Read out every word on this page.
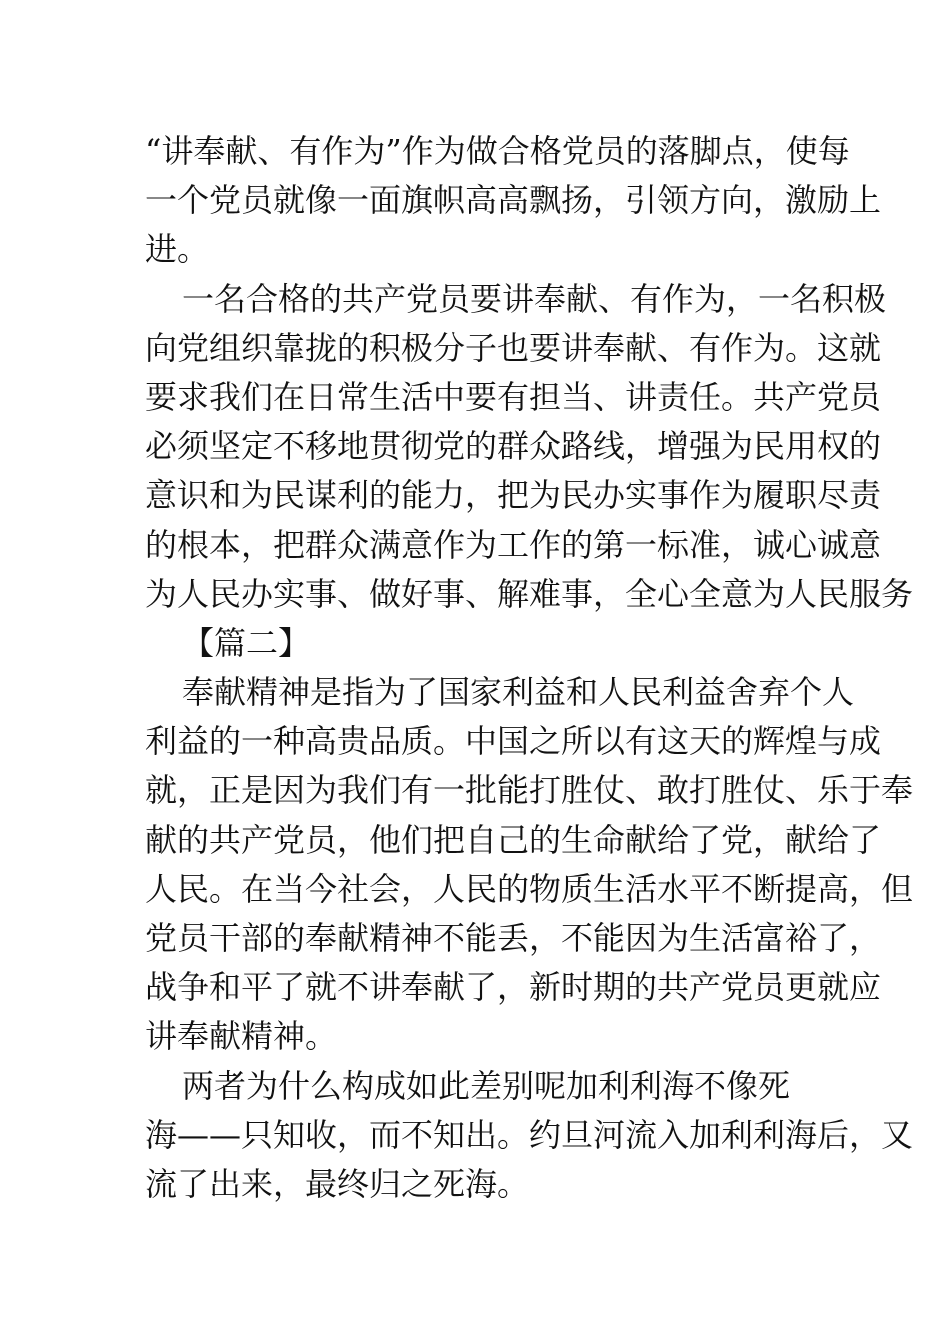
“讲奉献、有作为”作为做合格党员的落脚点，使每
一个党员就像一面旗帜高高飘扬，引领方向，激励上
进。
一名合格的共产党员要讲奉献、有作为，一名积极
向党组织靠拢的积极分子也要讲奉献、有作为。这就
要求我们在日常生活中要有担当、讲责任。共产党员
必须坚定不移地贯彻党的群众路线，增强为民用权的
意识和为民谋利的能力，把为民办实事作为履职尽责
的根本，把群众满意作为工作的第一标准，诚心诚意
为人民办实事、做好事、解难事，全心全意为人民服务
【篇二】
奉献精神是指为了国家利益和人民利益舍弃个人
利益的一种高贵品质。中国之所以有这天的辉煌与成
就，正是因为我们有一批能打胜仗、敢打胜仗、乐于奉
献的共产党员，他们把自己的生命献给了党，献给了
人民。在当今社会，人民的物质生活水平不断提高，但
党员干部的奉献精神不能丢，不能因为生活富裕了，
战争和平了就不讲奉献了，新时期的共产党员更就应
讲奉献精神。
两者为什么构成如此差别呢加利利海不像死
海——只知收，而不知出。约旦河流入加利利海后，又
流了出来，最终归之死海。
